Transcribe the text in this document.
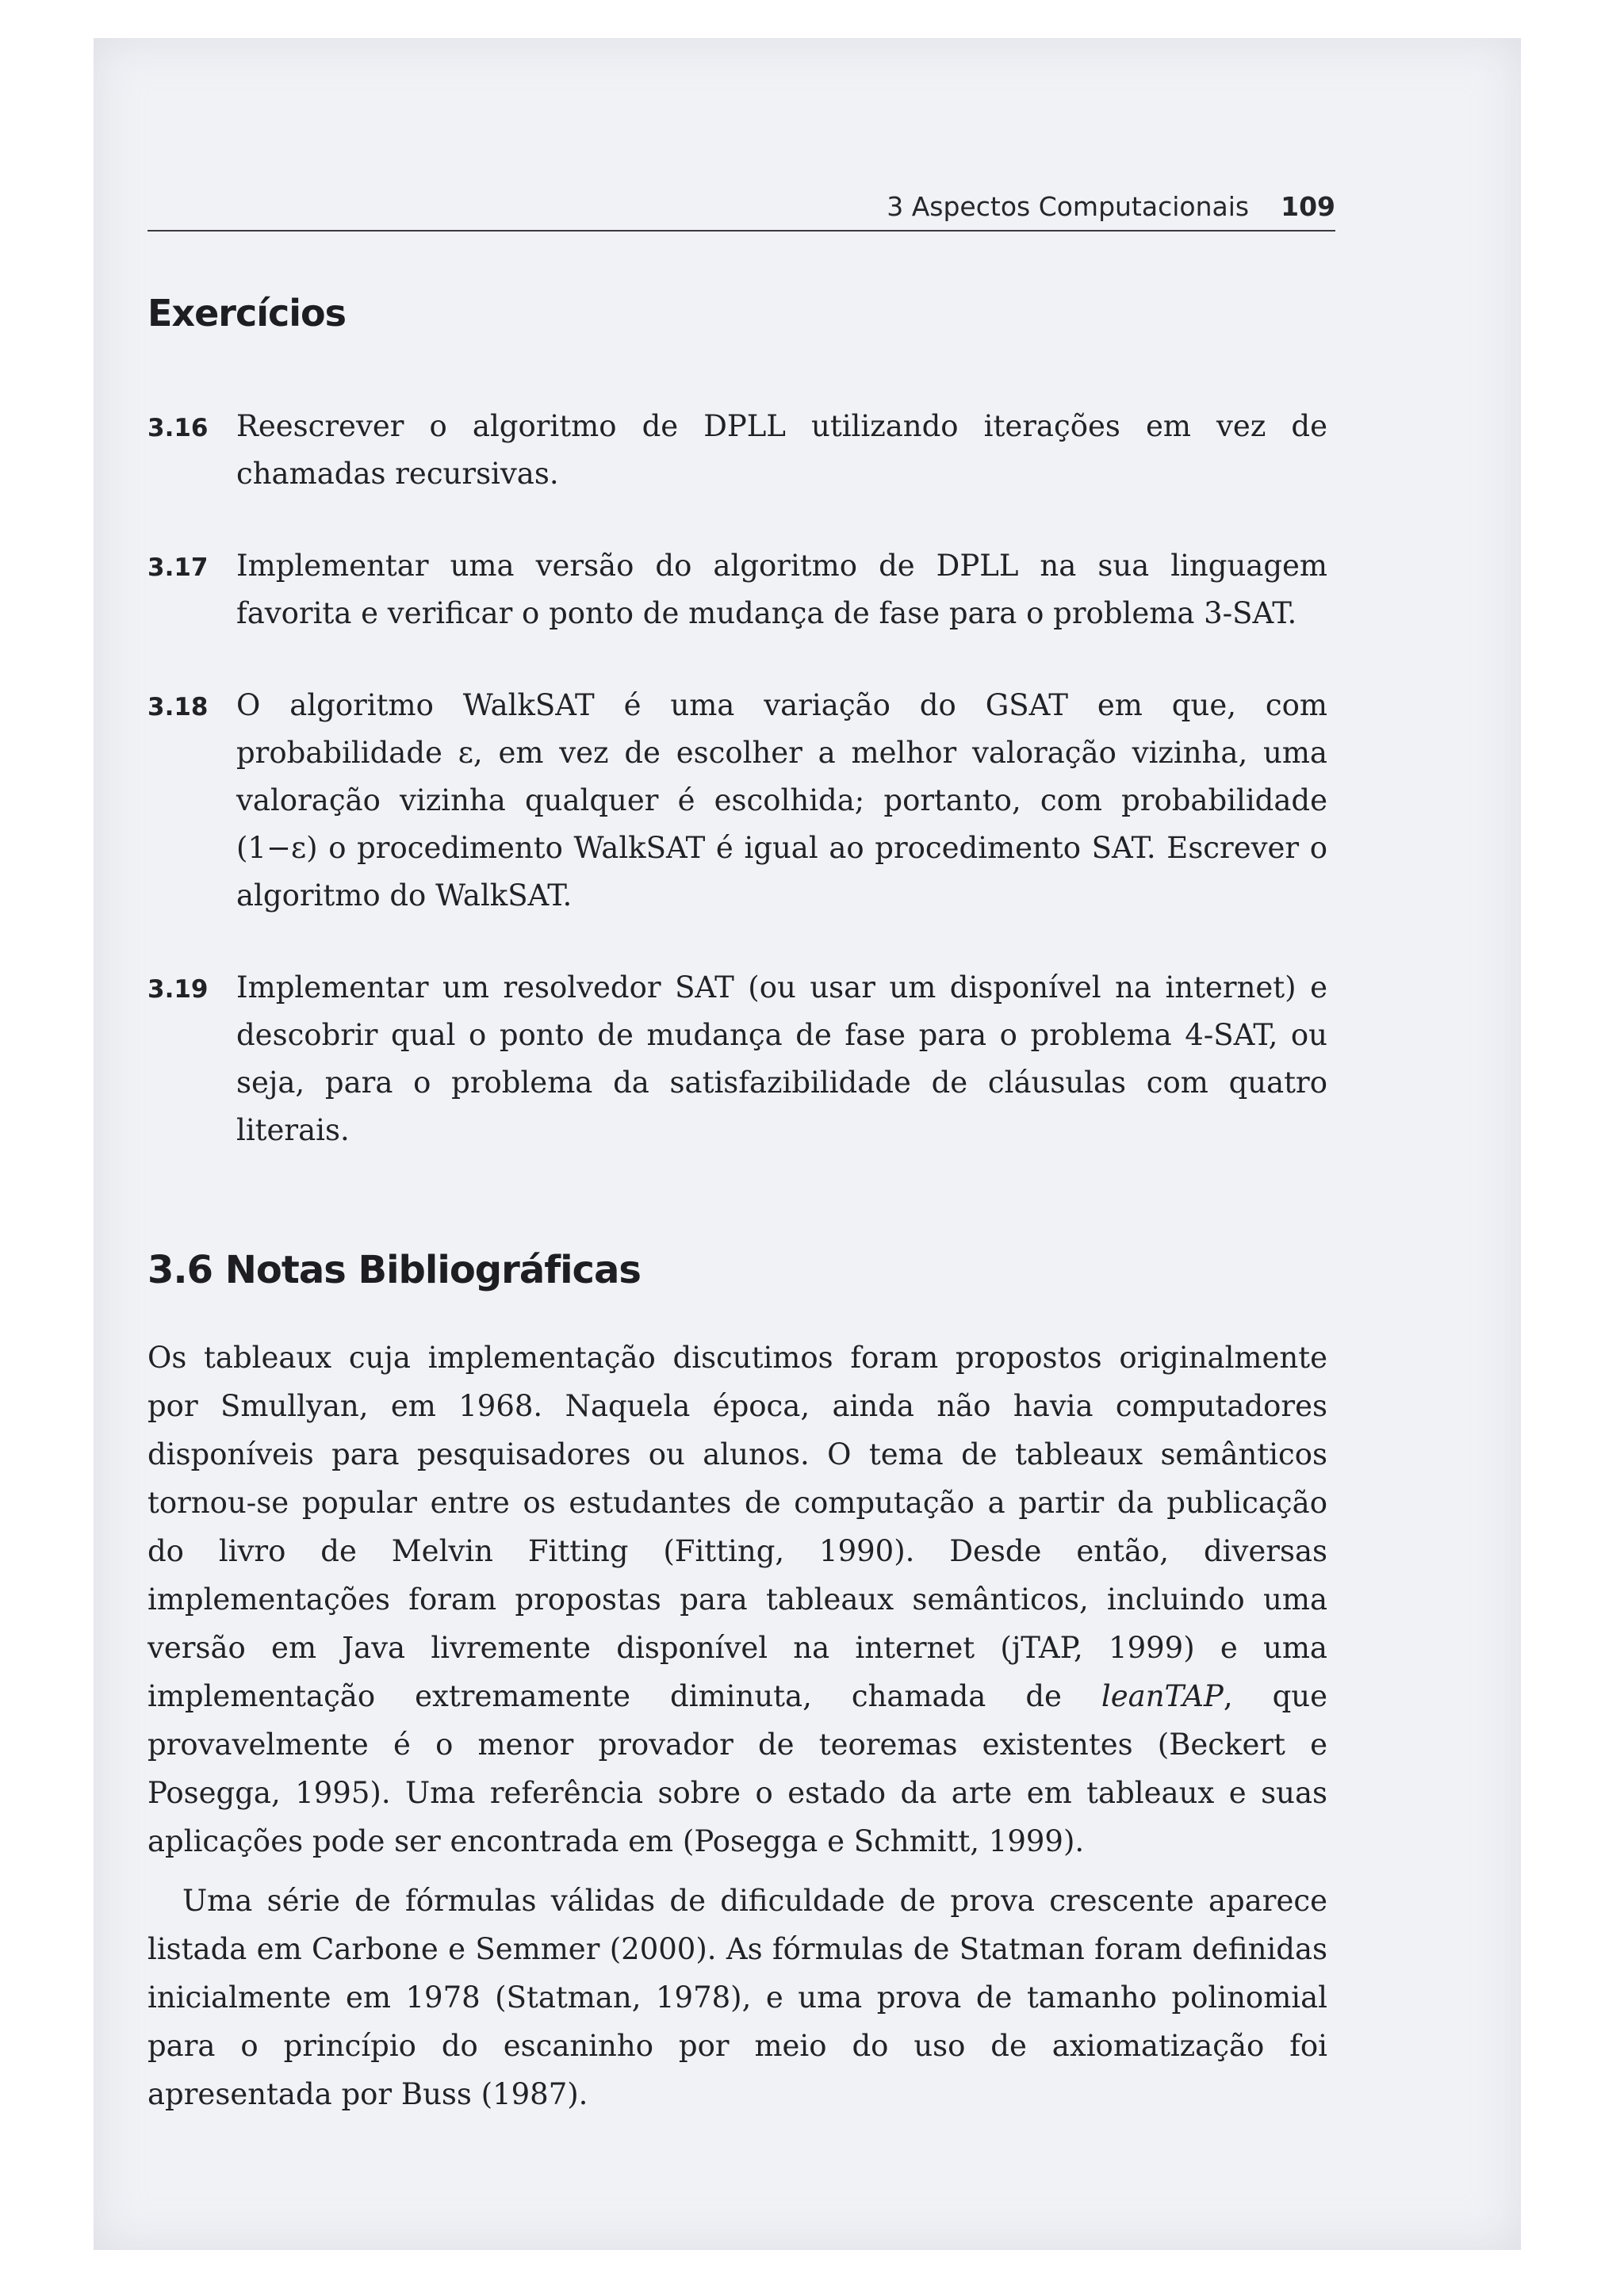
3 Aspectos Computacionais 109
Exercícios
3.16 Reescrever o algoritmo de DPLL utilizando iterações em vez de chamadas recursivas.
3.17 Implementar uma versão do algoritmo de DPLL na sua linguagem favorita e verificar o ponto de mudança de fase para o problema 3-SAT.
3.18 O algoritmo WalkSAT é uma variação do GSAT em que, com probabilidade ε, em vez de escolher a melhor valoração vizinha, uma valoração vizinha qualquer é escolhida; portanto, com probabilidade (1−ε) o procedimento WalkSAT é igual ao procedimento SAT. Escrever o algoritmo do WalkSAT.
3.19 Implementar um resolvedor SAT (ou usar um disponível na internet) e descobrir qual o ponto de mudança de fase para o problema 4-SAT, ou seja, para o problema da satisfazibilidade de cláusulas com quatro literais.
3.6 Notas Bibliográficas

Os tableaux cuja implementação discutimos foram propostos originalmente por Smullyan, em 1968. Naquela época, ainda não havia computadores disponíveis para pesquisadores ou alunos. O tema de tableaux semânticos tornou-se popular entre os estudantes de computação a partir da publicação do livro de Melvin Fitting (Fitting, 1990). Desde então, diversas implementações foram propostas para tableaux semânticos, incluindo uma versão em Java livremente disponível na internet (jTAP, 1999) e uma implementação extremamente diminuta, chamada de leanTAP, que provavelmente é o menor provador de teoremas existentes (Beckert e Posegga, 1995). Uma referência sobre o estado da arte em tableaux e suas aplicações pode ser encontrada em (Posegga e Schmitt, 1999).

Uma série de fórmulas válidas de dificuldade de prova crescente aparece listada em Carbone e Semmer (2000). As fórmulas de Statman foram definidas inicialmente em 1978 (Statman, 1978), e uma prova de tamanho polinomial para o princípio do escaninho por meio do uso de axiomatização foi apresentada por Buss (1987).
